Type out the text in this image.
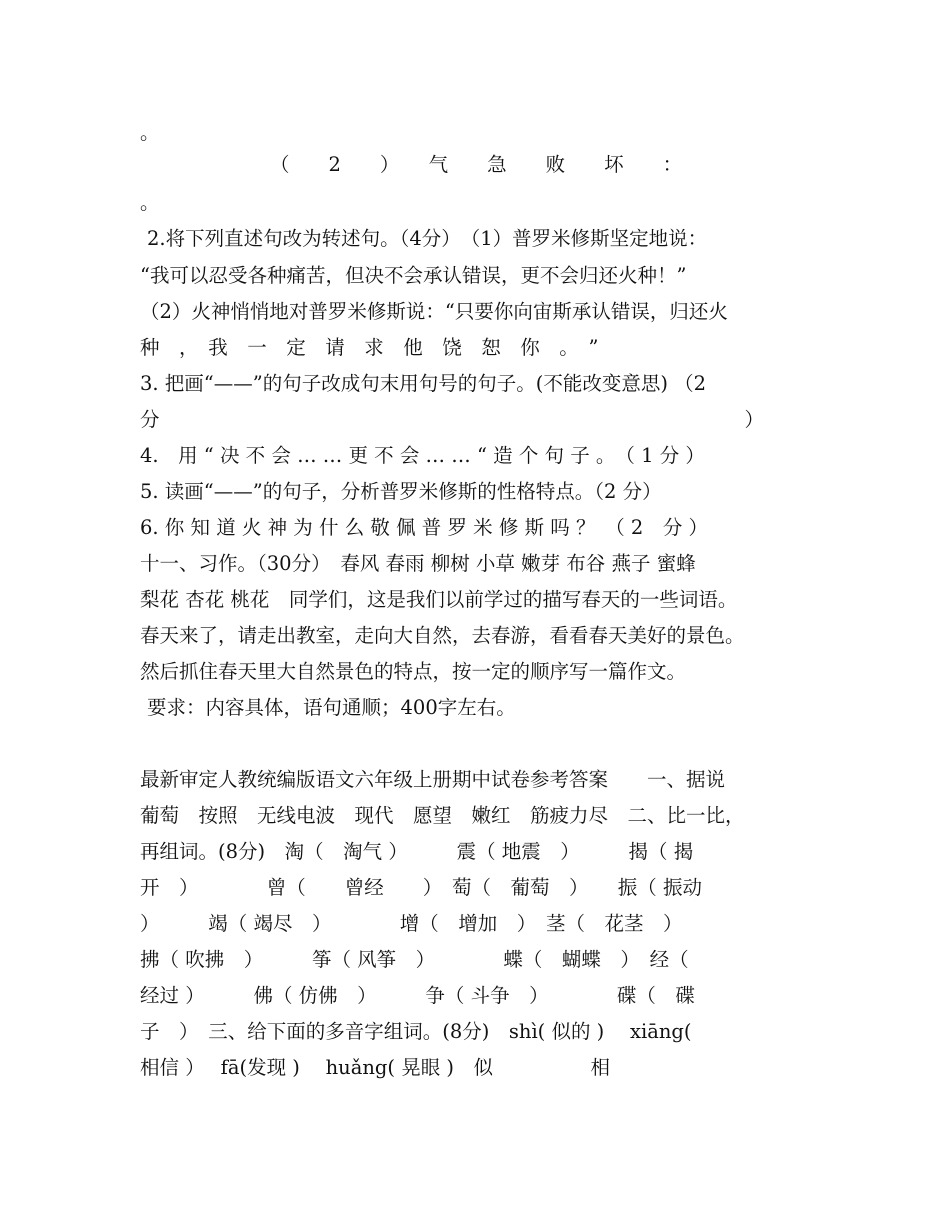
。
（　　2　　）　　气　　急　　败　　坏　　：
。
2.将下列直述句改为转述句。（4分）　（1）普罗米修斯坚定地说：
“我可以忍受各种痛苦，但决不会承认错误，更不会归还火种！”
（2）火神悄悄地对普罗米修斯说：“只要你向宙斯承认错误，归还火
种　，　我　一　定　请　求　他　饶　恕　你　。　”
3. 把画“——”的句子改成句末用句号的句子。(不能改变意思) （2
分　　　　　　　　　　　　　　　　　　　　　　　　　　　　　　）
4.　用 “ 决 不 会 … … 更 不 会 … … “ 造 个 句 子 。　（ 1 分 ）
5. 读画“——”的句子，分析普罗米修斯的性格特点。（2 分）
6. 你 知 道 火 神 为 什 么 敬 佩 普 罗 米 修 斯 吗 ？　（ 2　分 ）
十一、习作。（30分）　春风 春雨 柳树 小草 嫩芽 布谷 燕子 蜜蜂
梨花 杏花 桃花　同学们，这是我们以前学过的描写春天的一些词语。
春天来了，请走出教室，走向大自然，去春游，看看春天美好的景色。
然后抓住春天里大自然景色的特点，按一定的顺序写一篇作文。
要求：内容具体，语句通顺；400字左右。
最新审定人教统编版语文六年级上册期中试卷参考答案　　一、据说
葡萄　按照　无线电波　现代　愿望　嫩红　筋疲力尽　二、比一比，
再组词。(8分)　淘（　淘气 ）　　　震（ 地震　）　　　揭（ 揭
开　）　　　　曾（　　曾经　　）　萄（　葡萄　）　　振（ 振动
）　　　竭（ 竭尽　）　　　　增（　增加　）　茎（　花茎　）
拂（ 吹拂　）　　　筝（ 风筝　）　　　　蝶（　蝴蝶　）　经（
经过 ）　　　佛（ 仿佛　）　　　争（ 斗争　）　　　　碟（　碟
子　）　三、给下面的多音字组词。(8分)　shì( 似的 )　 xiāng(
相信 ）　 fā(发现 )　 huǎng( 晃眼 )　似　　　　　相
